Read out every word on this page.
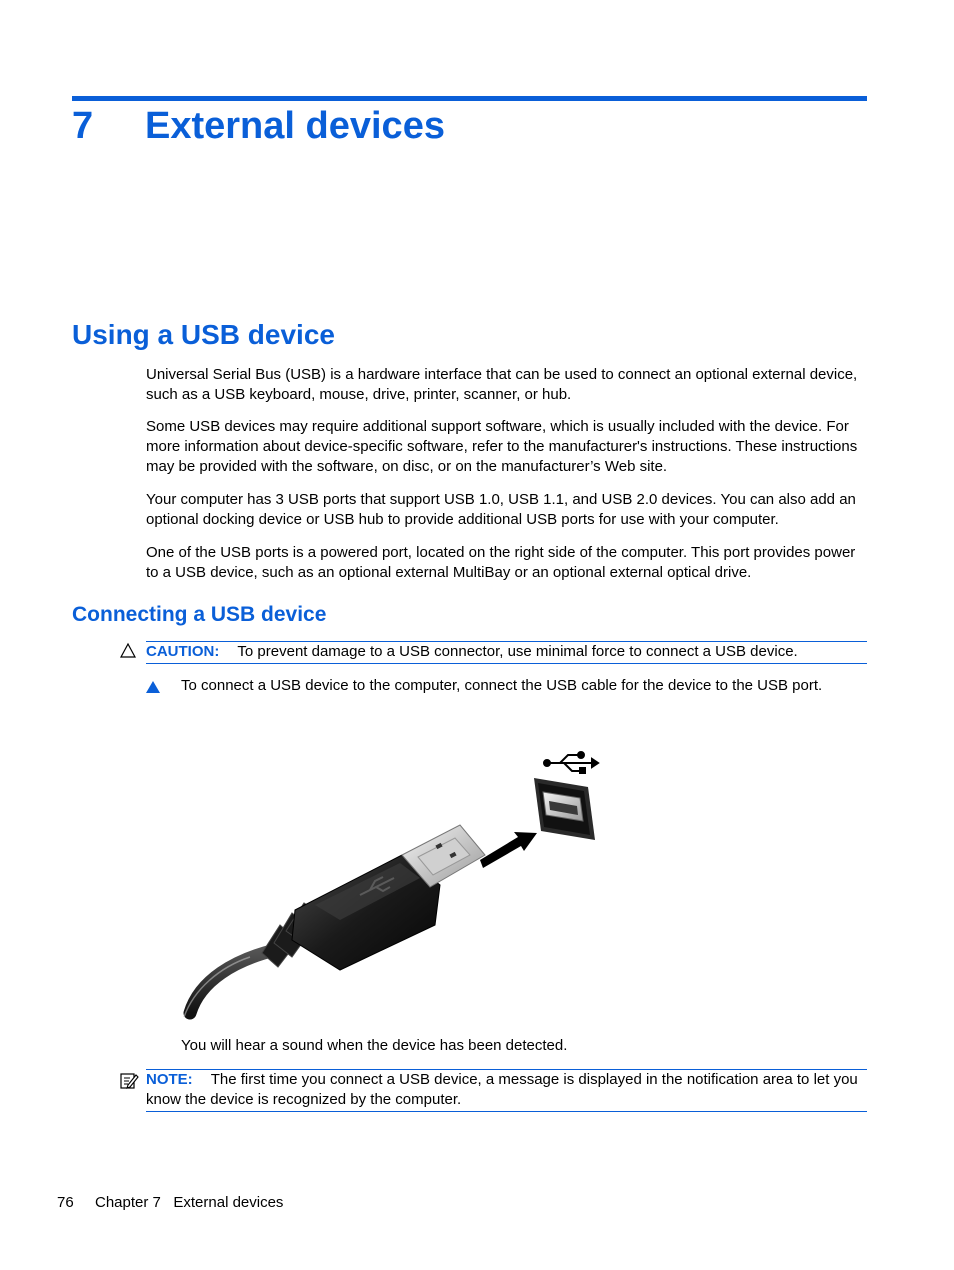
7 External devices
Using a USB device

Universal Serial Bus (USB) is a hardware interface that can be used to connect an optional external device, such as a USB keyboard, mouse, drive, printer, scanner, or hub.

Some USB devices may require additional support software, which is usually included with the device. For more information about device-specific software, refer to the manufacturer's instructions. These instructions may be provided with the software, on disc, or on the manufacturer’s Web site.

Your computer has 3 USB ports that support USB 1.0, USB 1.1, and USB 2.0 devices. You can also add an optional docking device or USB hub to provide additional USB ports for use with your computer.

One of the USB ports is a powered port, located on the right side of the computer. This port provides power to a USB device, such as an optional external MultiBay or an optional external optical drive.

Connecting a USB device
CAUTION: To prevent damage to a USB connector, use minimal force to connect a USB device.

To connect a USB device to the computer, connect the USB cable for the device to the USB port.

You will hear a sound when the device has been detected.

NOTE: The first time you connect a USB device, a message is displayed in the notification area to let you know the device is recognized by the computer.
76 Chapter 7   External devices
